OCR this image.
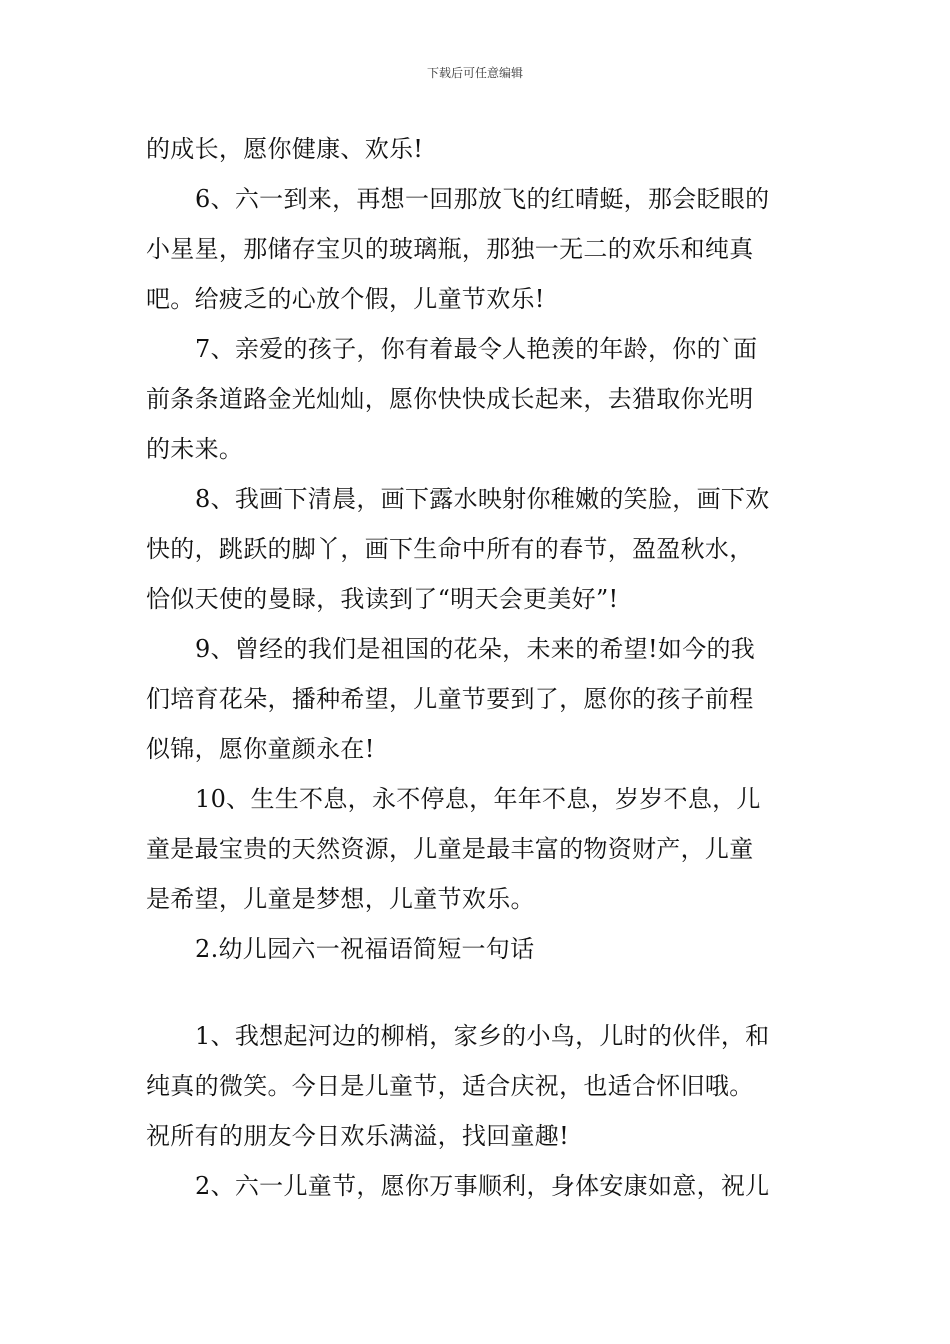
下载后可任意编辑
的成长，愿你健康、欢乐!
6、六一到来，再想一回那放飞的红晴蜓，那会眨眼的
小星星，那储存宝贝的玻璃瓶，那独一无二的欢乐和纯真
吧。给疲乏的心放个假，儿童节欢乐!
7、亲爱的孩子，你有着最令人艳羡的年龄，你的`面
前条条道路金光灿灿，愿你快快成长起来，去猎取你光明
的未来。
8、我画下清晨，画下露水映射你稚嫩的笑脸，画下欢
快的，跳跃的脚丫，画下生命中所有的春节，盈盈秋水，
恰似天使的曼睩，我读到了“明天会更美好”!
9、曾经的我们是祖国的花朵，未来的希望!如今的我
们培育花朵，播种希望，儿童节要到了，愿你的孩子前程
似锦，愿你童颜永在!
10、生生不息，永不停息，年年不息，岁岁不息，儿
童是最宝贵的天然资源，儿童是最丰富的物资财产，儿童
是希望，儿童是梦想，儿童节欢乐。
2.幼儿园六一祝福语简短一句话
1、我想起河边的柳梢，家乡的小鸟，儿时的伙伴，和
纯真的微笑。今日是儿童节，适合庆祝，也适合怀旧哦。
祝所有的朋友今日欢乐满溢，找回童趣!
2、六一儿童节，愿你万事顺利，身体安康如意，祝儿
